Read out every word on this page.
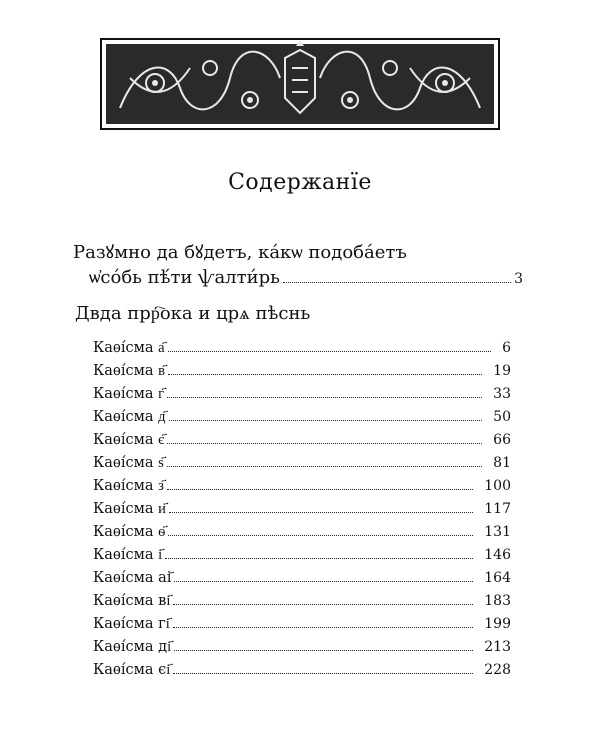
Содержанїе
Разꙋмно да бꙋдетъ, ка́кѡ подоба́етъ
ѡ҆со́бь пѣ́ти ѱалти́рь	3
Двда прр҇ока и црѧ пѣснь
Каѳі́сма а҃	6
Каѳі́сма в҃	19
Каѳі́сма г҃	33
Каѳі́сма д҃	50
Каѳі́сма є҃	66
Каѳі́сма ѕ҃	81
Каѳі́сма з҃	100
Каѳі́сма и҃	117
Каѳі́сма ѳ҃	131
Каѳі́сма і҃	146
Каѳі́сма ai҃	164
Каѳі́сма ві҃	183
Каѳі́сма гі҃	199
Каѳі́сма ді҃	213
Каѳі́сма єі҃	228
